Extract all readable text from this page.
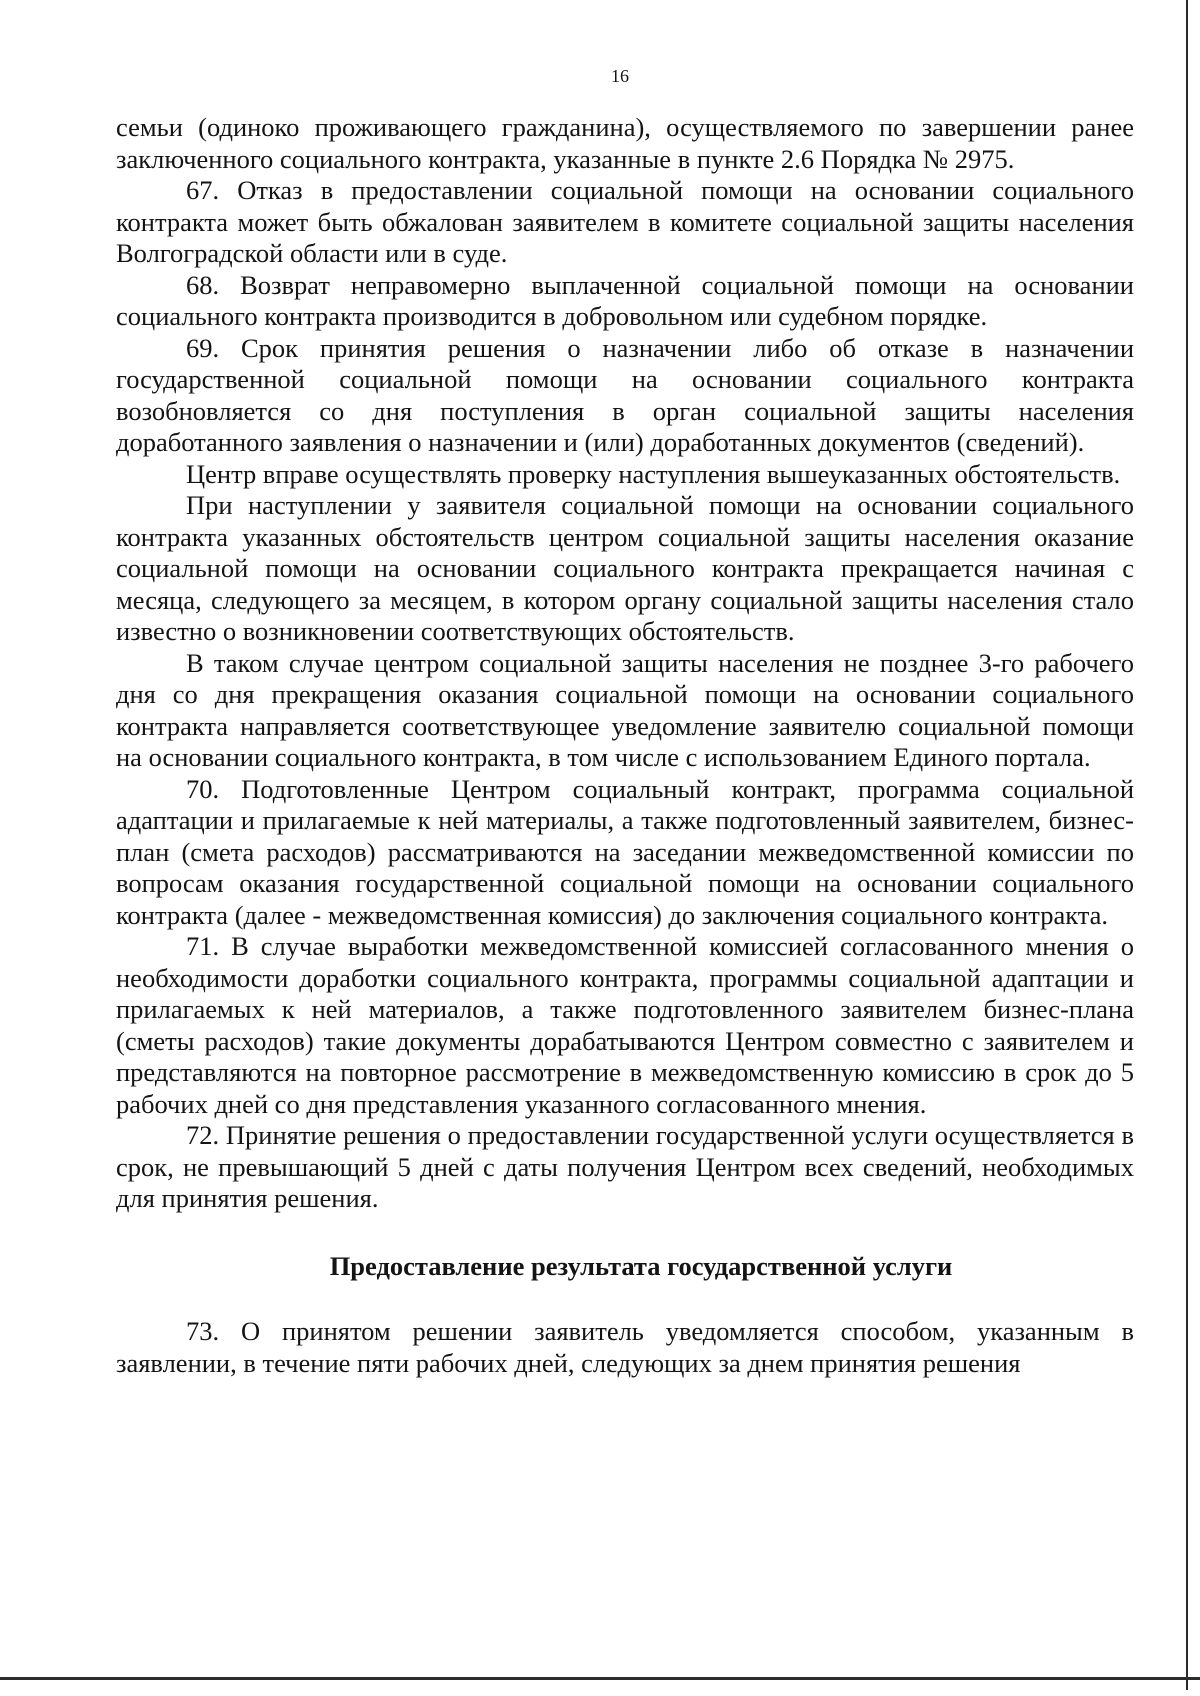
16

семьи (одиноко проживающего гражданина), осуществляемого по завершении ранее заключенного социального контракта, указанные в пункте 2.6 Порядка № 2975.

67. Отказ в предоставлении социальной помощи на основании социального контракта может быть обжалован заявителем в комитете социальной защиты населения Волгоградской области или в суде.

68. Возврат неправомерно выплаченной социальной помощи на основании социального контракта производится в добровольном или судебном порядке.

69. Срок принятия решения о назначении либо об отказе в назначении государственной социальной помощи на основании социального контракта возобновляется со дня поступления в орган социальной защиты населения доработанного заявления о назначении и (или) доработанных документов (сведений).

Центр вправе осуществлять проверку наступления вышеуказанных обстоятельств.

При наступлении у заявителя социальной помощи на основании социального контракта указанных обстоятельств центром социальной защиты населения оказание социальной помощи на основании социального контракта прекращается начиная с месяца, следующего за месяцем, в котором органу социальной защиты населения стало известно о возникновении соответствующих обстоятельств.

В таком случае центром социальной защиты населения не позднее 3-го рабочего дня со дня прекращения оказания социальной помощи на основании социального контракта направляется соответствующее уведомление заявителю социальной помощи на основании социального контракта, в том числе с использованием Единого портала.

70. Подготовленные Центром социальный контракт, программа социальной адаптации и прилагаемые к ней материалы, а также подготовленный заявителем, бизнес-план (смета расходов) рассматриваются на заседании межведомственной комиссии по вопросам оказания государственной социальной помощи на основании социального контракта (далее - межведомственная комиссия) до заключения социального контракта.

71. В случае выработки межведомственной комиссией согласованного мнения о необходимости доработки социального контракта, программы социальной адаптации и прилагаемых к ней материалов, а также подготовленного заявителем бизнес-плана (сметы расходов) такие документы дорабатываются Центром совместно с заявителем и представляются на повторное рассмотрение в межведомственную комиссию в срок до 5 рабочих дней со дня представления указанного согласованного мнения.

72. Принятие решения о предоставлении государственной услуги осуществляется в срок, не превышающий 5 дней с даты получения Центром всех сведений, необходимых для принятия решения.

Предоставление результата государственной услуги

73. О принятом решении заявитель уведомляется способом, указанным в заявлении, в течение пяти рабочих дней, следующих за днем принятия решения
